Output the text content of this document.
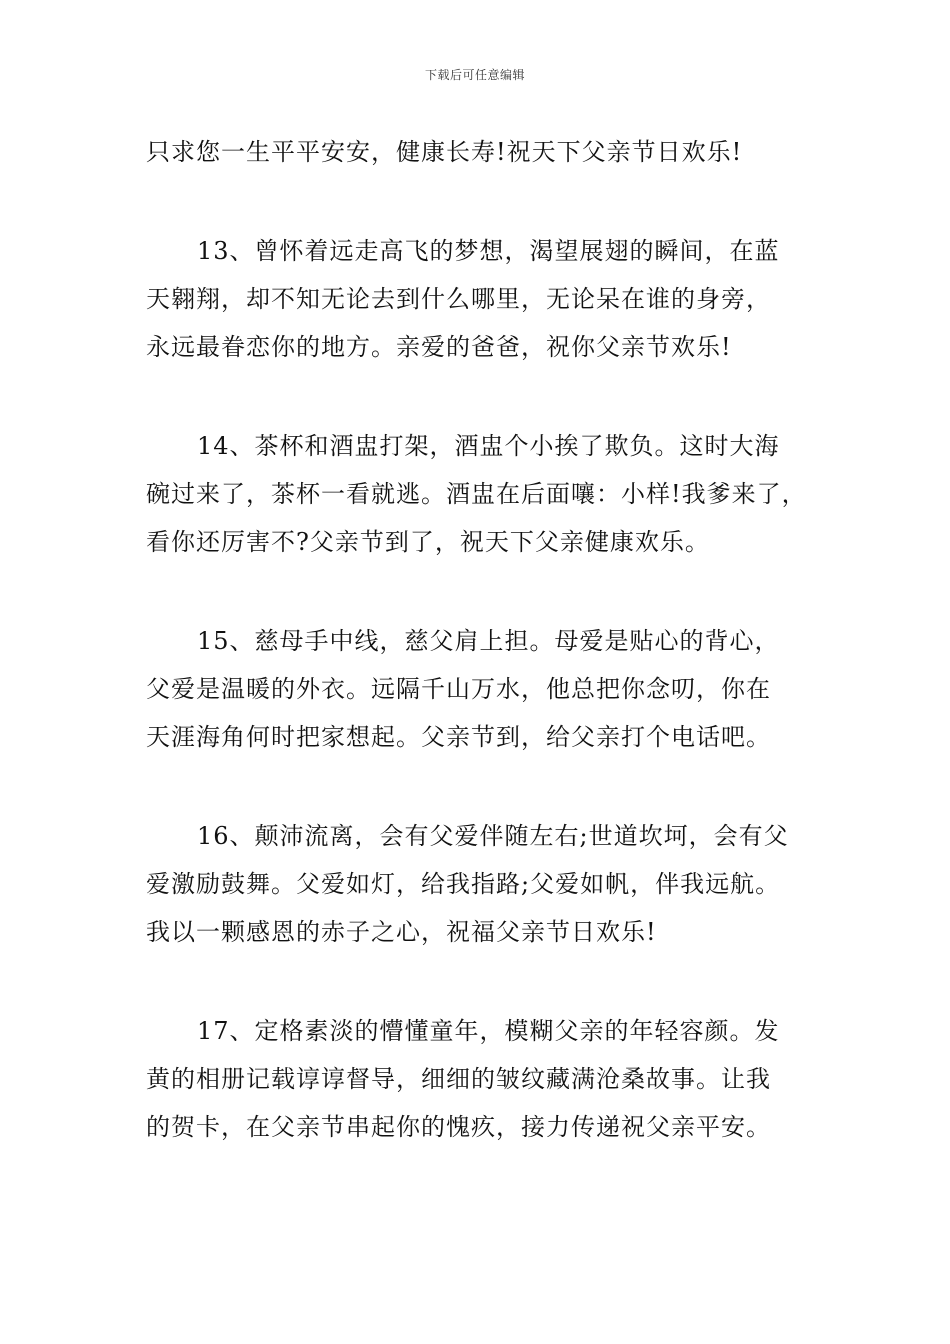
下载后可任意编辑
只求您一生平平安安，健康长寿!祝天下父亲节日欢乐!
13、曾怀着远走高飞的梦想，渴望展翅的瞬间，在蓝
天翱翔，却不知无论去到什么哪里，无论呆在谁的身旁，
永远最眷恋你的地方。亲爱的爸爸，祝你父亲节欢乐!
14、茶杯和酒盅打架，酒盅个小挨了欺负。这时大海
碗过来了，茶杯一看就逃。酒盅在后面嚷：小样!我爹来了，
看你还厉害不?父亲节到了，祝天下父亲健康欢乐。
15、慈母手中线，慈父肩上担。母爱是贴心的背心，
父爱是温暖的外衣。远隔千山万水，他总把你念叨，你在
天涯海角何时把家想起。父亲节到，给父亲打个电话吧。
16、颠沛流离，会有父爱伴随左右;世道坎坷，会有父
爱激励鼓舞。父爱如灯，给我指路;父爱如帆，伴我远航。
我以一颗感恩的赤子之心，祝福父亲节日欢乐!
17、定格素淡的懵懂童年，模糊父亲的年轻容颜。发
黄的相册记载谆谆督导，细细的皱纹藏满沧桑故事。让我
的贺卡，在父亲节串起你的愧疚，接力传递祝父亲平安。
